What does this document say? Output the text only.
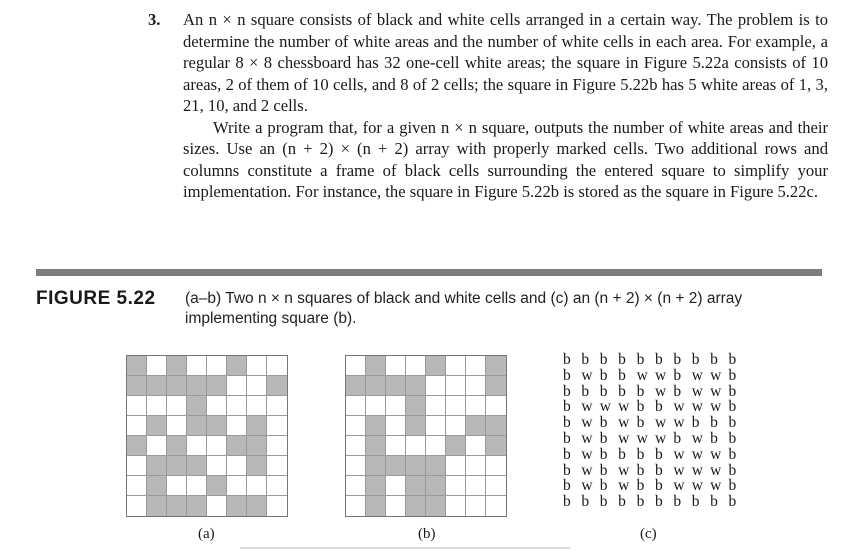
3. An n × n square consists of black and white cells arranged in a certain way. The problem is to determine the number of white areas and the number of white cells in each area. For example, a regular 8 × 8 chessboard has 32 one-cell white areas; the square in Figure 5.22a consists of 10 areas, 2 of them of 10 cells, and 8 of 2 cells; the square in Figure 5.22b has 5 white areas of 1, 3, 21, 10, and 2 cells.
Write a program that, for a given n × n square, outputs the number of white areas and their sizes. Use an (n + 2) × (n + 2) array with properly marked cells. Two additional rows and columns constitute a frame of black cells surrounding the entered square to simplify your implementation. For instance, the square in Figure 5.22b is stored as the square in Figure 5.22c.
FIGURE 5.22 (a–b) Two n × n squares of black and white cells and (c) an (n + 2) × (n + 2) array implementing square (b).
b b b b b b b b b b
b w b b w w b w w b
b b b b b w b w w b
b w w w b b w w w b
b w b w b w w b b b
b w b w w w b w b b
b w b b b b w w w b
b w b w b b w w w b
b w b w b b w w w b
b b b b b b b b b b
(a)	(b)	(c)
